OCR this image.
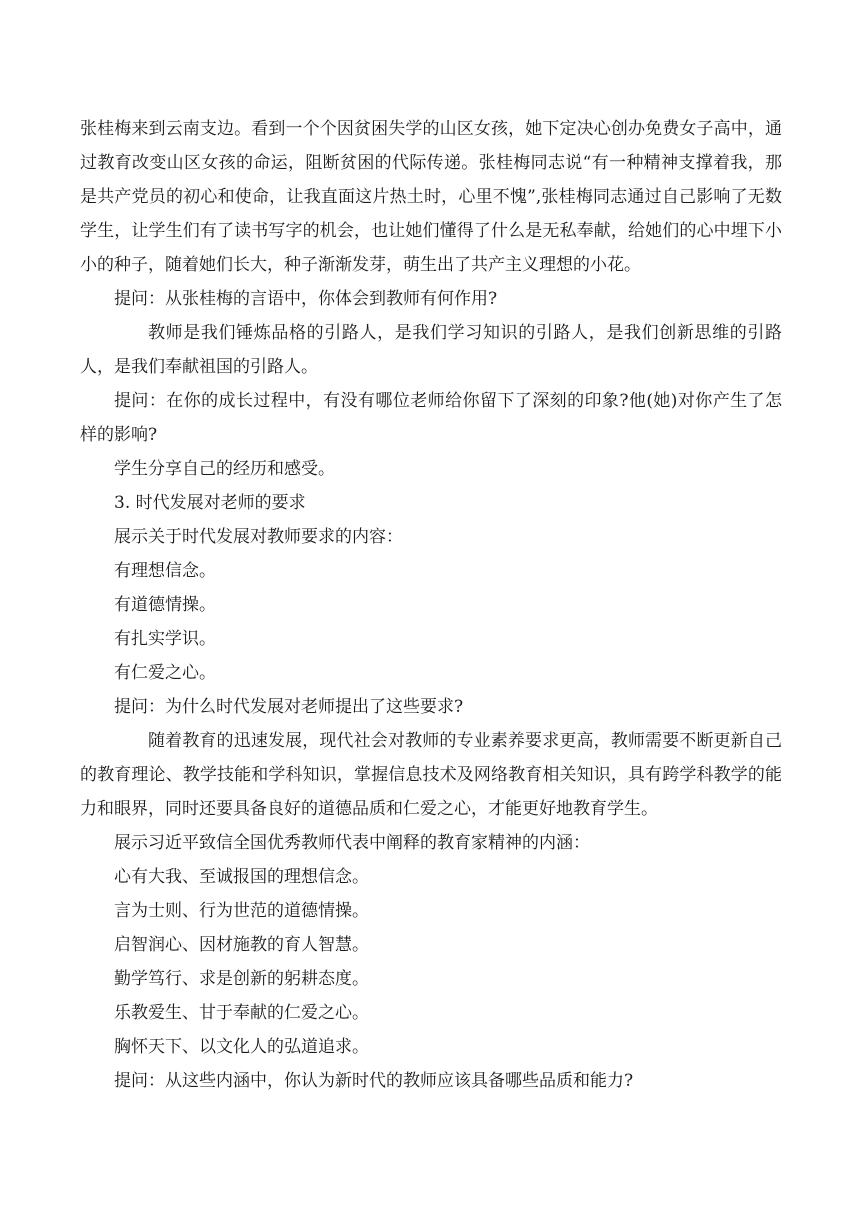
张桂梅来到云南支边。看到一个个因贫困失学的山区女孩，她下定决心创办免费女子高中，通过教育改变山区女孩的命运，阻断贫困的代际传递。张桂梅同志说“有一种精神支撑着我，那是共产党员的初心和使命，让我直面这片热土时，心里不愧”,张桂梅同志通过自己影响了无数学生，让学生们有了读书写字的机会，也让她们懂得了什么是无私奉献，给她们的心中埋下小小的种子，随着她们长大，种子渐渐发芽，萌生出了共产主义理想的小花。

提问：从张桂梅的言语中，你体会到教师有何作用?

教师是我们锤炼品格的引路人，是我们学习知识的引路人，是我们创新思维的引路人，是我们奉献祖国的引路人。

提问：在你的成长过程中，有没有哪位老师给你留下了深刻的印象?他(她)对你产生了怎样的影响?

学生分享自己的经历和感受。

3. 时代发展对老师的要求

展示关于时代发展对教师要求的内容：

有理想信念。

有道德情操。

有扎实学识。

有仁爱之心。

提问：为什么时代发展对老师提出了这些要求?

随着教育的迅速发展，现代社会对教师的专业素养要求更高，教师需要不断更新自己的教育理论、教学技能和学科知识，掌握信息技术及网络教育相关知识，具有跨学科教学的能力和眼界，同时还要具备良好的道德品质和仁爱之心，才能更好地教育学生。

展示习近平致信全国优秀教师代表中阐释的教育家精神的内涵：

心有大我、至诚报国的理想信念。

言为士则、行为世范的道德情操。

启智润心、因材施教的育人智慧。

勤学笃行、求是创新的躬耕态度。

乐教爱生、甘于奉献的仁爱之心。

胸怀天下、以文化人的弘道追求。

提问：从这些内涵中，你认为新时代的教师应该具备哪些品质和能力?
